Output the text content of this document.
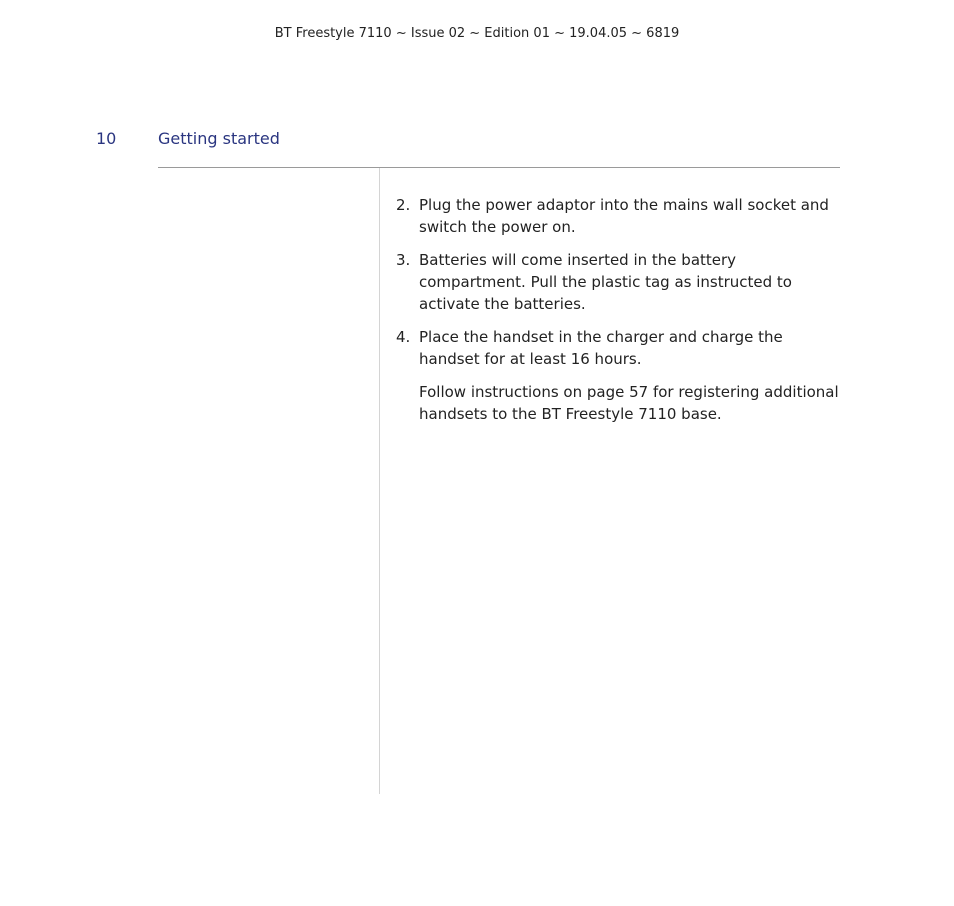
BT Freestyle 7110 ~ Issue 02 ~ Edition 01 ~ 19.04.05 ~ 6819
10	Getting started
2. Plug the power adaptor into the mains wall socket and switch the power on.
3. Batteries will come inserted in the battery compartment. Pull the plastic tag as instructed to activate the batteries.
4. Place the handset in the charger and charge the handset for at least 16 hours.
Follow instructions on page 57 for registering additional handsets to the BT Freestyle 7110 base.
